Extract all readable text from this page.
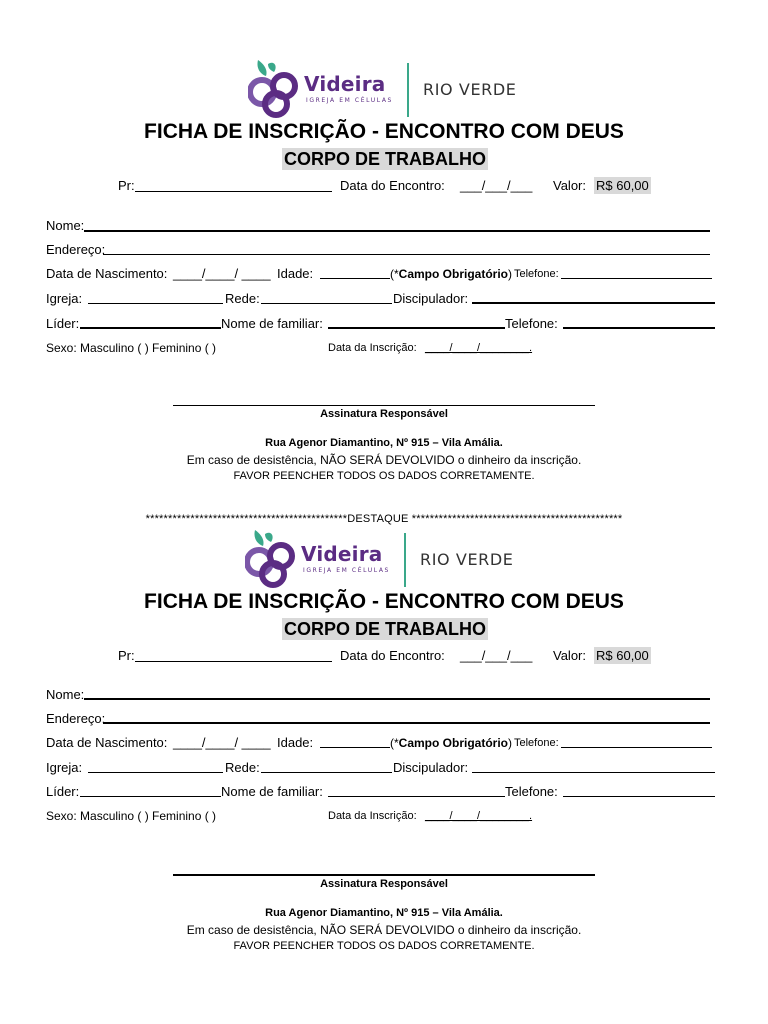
Videira
IGREJA EM CÉLULAS
RIO VERDE
FICHA DE INSCRIÇÃO - ENCONTRO COM DEUS
CORPO DE TRABALHO
Pr:	Data do Encontro: ___/___/___ Valor: R$ 60,00
Nome:
Endereço:
Data de Nascimento: ____/____/ ____ Idade:	(*Campo Obrigatório) Telefone:
Igreja:	Rede:	Discipulador:
Líder:	Nome de familiar:	Telefone:
Sexo: Masculino ( ) Feminino ( )	Data da Inscrição: ____/____/________.
Assinatura Responsável
Rua Agenor Diamantino, Nº 915 – Vila Amália.
Em caso de desistência, NÃO SERÁ DEVOLVIDO o dinheiro da inscrição.
FAVOR PEENCHER TODOS OS DADOS CORRETAMENTE.
*********************************************DESTAQUE ***********************************************
Videira
IGREJA EM CÉLULAS
RIO VERDE
FICHA DE INSCRIÇÃO - ENCONTRO COM DEUS
CORPO DE TRABALHO
Pr:	Data do Encontro: ___/___/___ Valor: R$ 60,00
Nome:
Endereço:
Data de Nascimento: ____/____/ ____ Idade:	(*Campo Obrigatório) Telefone:
Igreja:	Rede:	Discipulador:
Líder:	Nome de familiar:	Telefone:
Sexo: Masculino ( ) Feminino ( )	Data da Inscrição: ____/____/________.
Assinatura Responsável
Rua Agenor Diamantino, Nº 915 – Vila Amália.
Em caso de desistência, NÃO SERÁ DEVOLVIDO o dinheiro da inscrição.
FAVOR PEENCHER TODOS OS DADOS CORRETAMENTE.
